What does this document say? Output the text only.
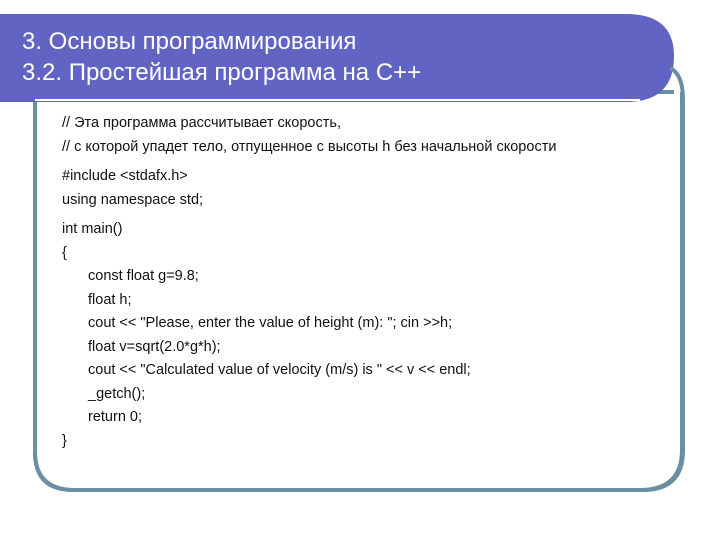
3. Основы программирования
3.2. Простейшая программа на С++
// Эта программа рассчитывает скорость,
// с которой упадет тело, отпущенное с высоты h без начальной скорости
#include <stdafx.h>
using namespace std;
int main()
{
const float g=9.8;
float h;
cout << "Please, enter the value of height (m): "; cin >>h;
float v=sqrt(2.0*g*h);
cout << "Calculated value of velocity (m/s) is " << v << endl;
_getch();
return 0;
}
